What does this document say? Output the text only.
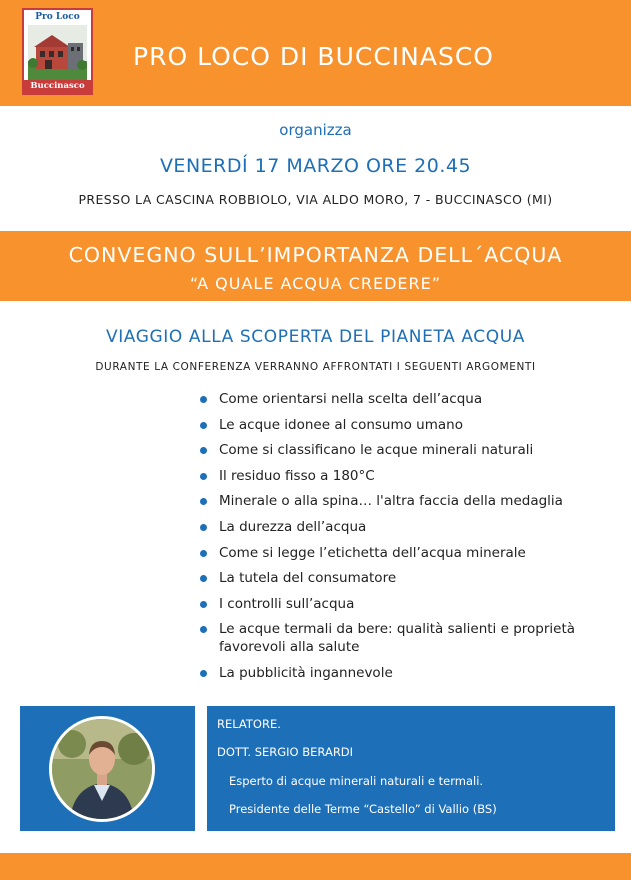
Pro Loco
Buccinasco
PRO LOCO DI BUCCINASCO
organizza
VENERDÍ 17 MARZO ORE 20.45
PRESSO LA CASCINA ROBBIOLO, VIA ALDO MORO, 7 - BUCCINASCO (MI)
CONVEGNO SULL’IMPORTANZA DELL´ACQUA
“A QUALE ACQUA CREDERE”
VIAGGIO ALLA SCOPERTA DEL PIANETA ACQUA
DURANTE LA CONFERENZA VERRANNO AFFRONTATI I SEGUENTI ARGOMENTI
Come orientarsi nella scelta dell’acqua
Le acque idonee al consumo umano
Come si classificano le acque minerali naturali
Il residuo fisso a 180°C
Minerale o alla spina… l'altra faccia della medaglia
La durezza dell’acqua
Come si legge l’etichetta dell’acqua minerale
La tutela del consumatore
I controlli sull’acqua
Le acque termali da bere: qualità salienti e proprietà favorevoli alla salute
La pubblicità ingannevole
RELATORE.
DOTT. SERGIO BERARDI
Esperto di acque minerali naturali e termali.
Presidente delle Terme “Castello” di Vallio (BS)
